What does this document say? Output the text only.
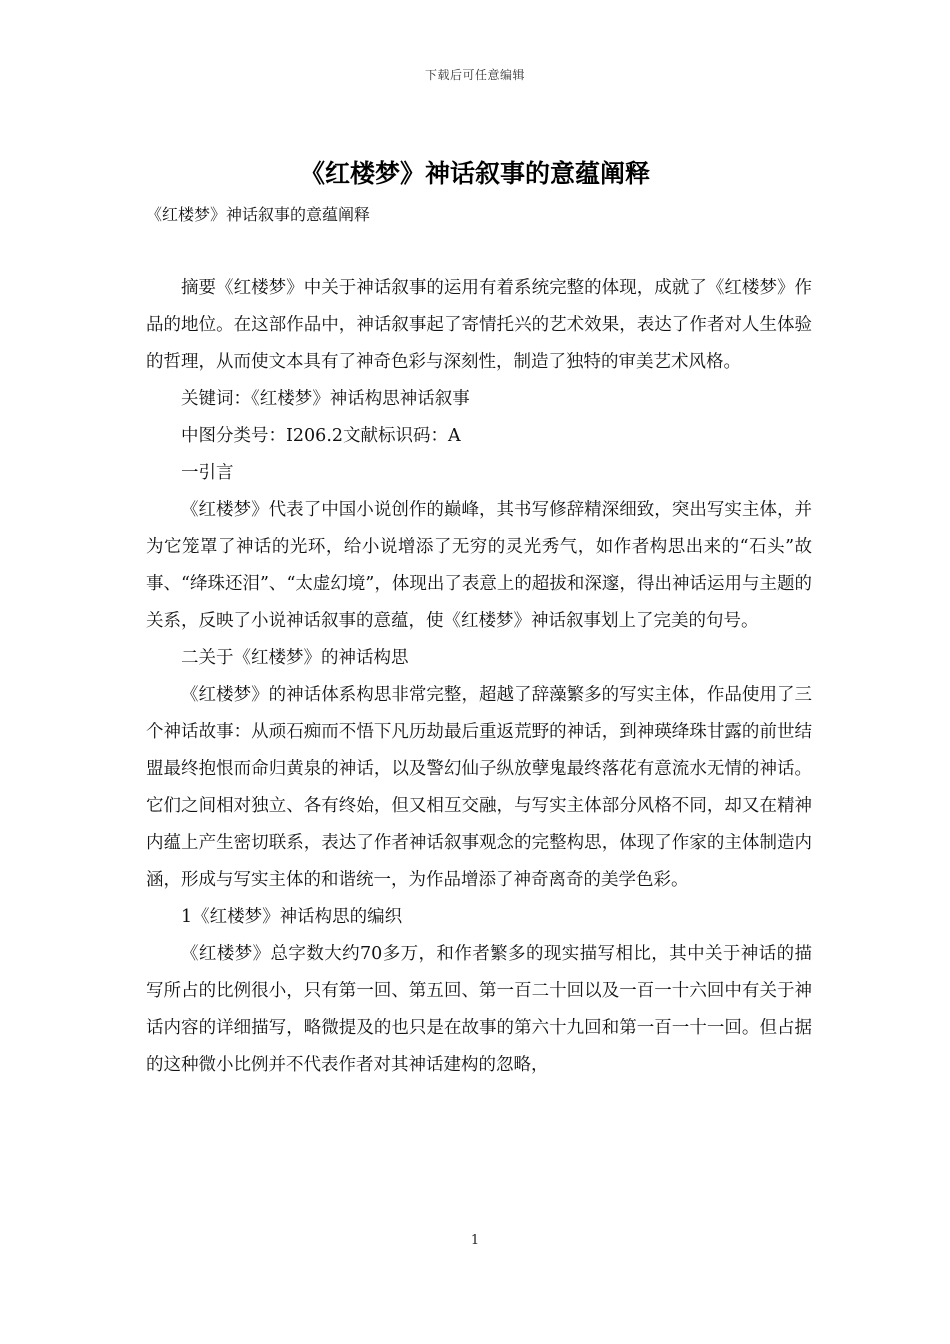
下载后可任意编辑
《红楼梦》神话叙事的意蕴阐释
《红楼梦》神话叙事的意蕴阐释

摘要《红楼梦》中关于神话叙事的运用有着系统完整的体现，成就了《红楼梦》作品的地位。在这部作品中，神话叙事起了寄情托兴的艺术效果，表达了作者对人生体验的哲理，从而使文本具有了神奇色彩与深刻性，制造了独特的审美艺术风格。

关键词：《红楼梦》神话构思神话叙事

中图分类号：I206.2文献标识码：A

一引言

《红楼梦》代表了中国小说创作的巅峰，其书写修辞精深细致，突出写实主体，并为它笼罩了神话的光环，给小说增添了无穷的灵光秀气，如作者构思出来的“石头”故事、“绛珠还泪”、“太虚幻境”，体现出了表意上的超拔和深邃，得出神话运用与主题的关系，反映了小说神话叙事的意蕴，使《红楼梦》神话叙事划上了完美的句号。

二关于《红楼梦》的神话构思

《红楼梦》的神话体系构思非常完整，超越了辞藻繁多的写实主体，作品使用了三个神话故事：从顽石痴而不悟下凡历劫最后重返荒野的神话，到神瑛绛珠甘露的前世结盟最终抱恨而命归黄泉的神话，以及警幻仙子纵放孽鬼最终落花有意流水无情的神话。它们之间相对独立、各有终始，但又相互交融，与写实主体部分风格不同，却又在精神内蕴上产生密切联系，表达了作者神话叙事观念的完整构思，体现了作家的主体制造内涵，形成与写实主体的和谐统一，为作品增添了神奇离奇的美学色彩。

1《红楼梦》神话构思的编织

《红楼梦》总字数大约70多万，和作者繁多的现实描写相比，其中关于神话的描写所占的比例很小，只有第一回、第五回、第一百二十回以及一百一十六回中有关于神话内容的详细描写，略微提及的也只是在故事的第六十九回和第一百一十一回。但占据的这种微小比例并不代表作者对其神话建构的忽略，

1
